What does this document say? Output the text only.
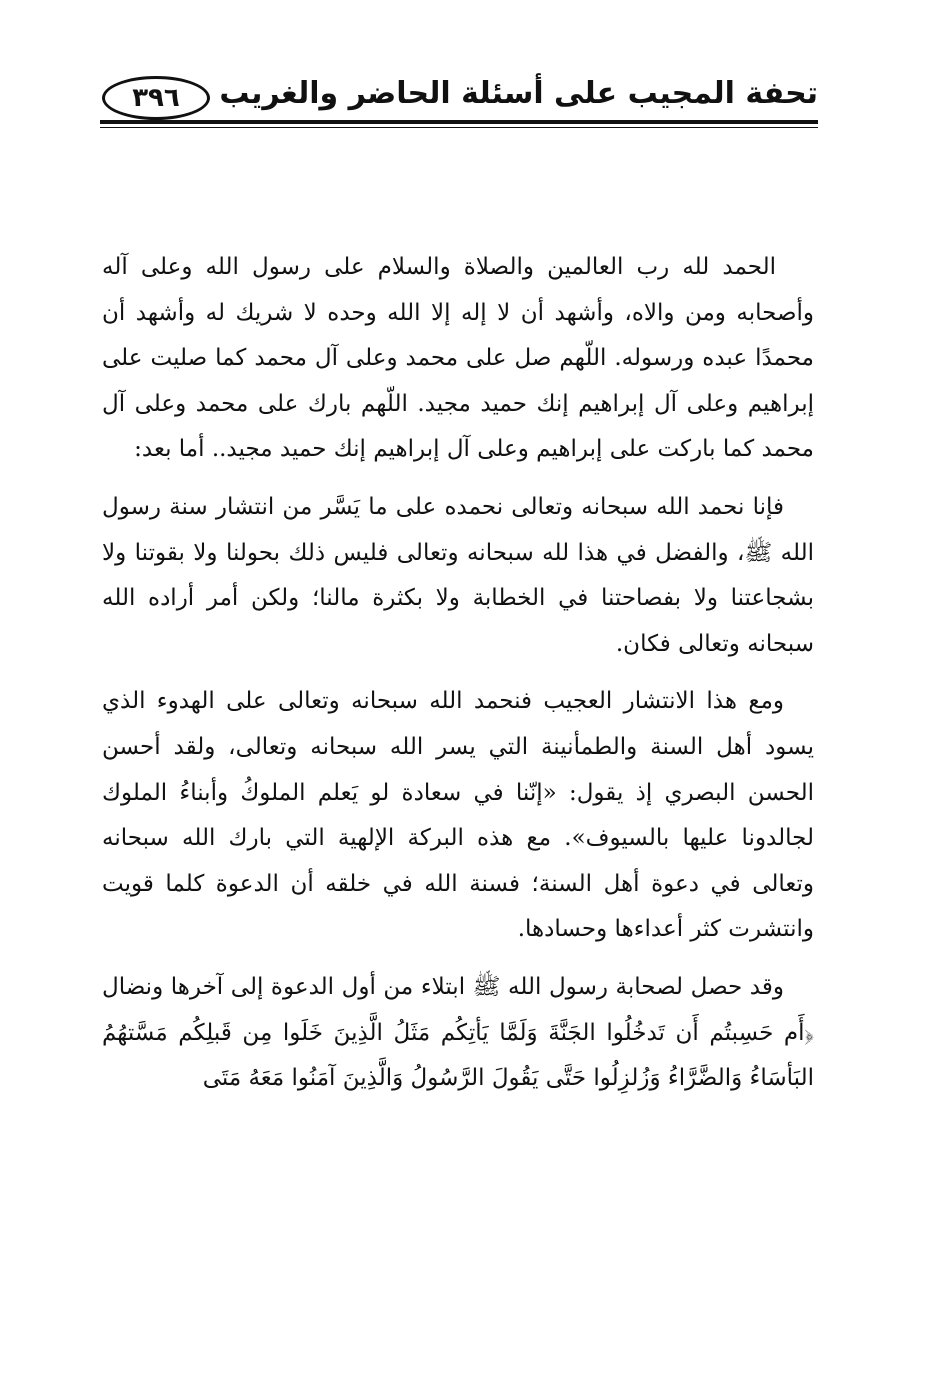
تحفة المجيب على أسئلة الحاضر والغريب
٣٩٦

الحمد لله رب العالمين والصلاة والسلام على رسول الله وعلى آله وأصحابه ومن والاه، وأشهد أن لا إله إلا الله وحده لا شريك له وأشهد أن محمدًا عبده ورسوله. اللّهم صل على محمد وعلى آل محمد كما صليت على إبراهيم وعلى آل إبراهيم إنك حميد مجيد. اللّهم بارك على محمد وعلى آل محمد كما باركت على إبراهيم وعلى آل إبراهيم إنك حميد مجيد.. أما بعد:

فإنا نحمد الله سبحانه وتعالى نحمده على ما يَسَّر من انتشار سنة رسول الله ﷺ، والفضل في هذا لله سبحانه وتعالى فليس ذلك بحولنا ولا بقوتنا ولا بشجاعتنا ولا بفصاحتنا في الخطابة ولا بكثرة مالنا؛ ولكن أمر أراده الله سبحانه وتعالى فكان.

ومع هذا الانتشار العجيب فنحمد الله سبحانه وتعالى على الهدوء الذي يسود أهل السنة والطمأنينة التي يسر الله سبحانه وتعالى، ولقد أحسن الحسن البصري إذ يقول: «إنّنا في سعادة لو يَعلم الملوكُ وأبناءُ الملوك لجالدونا عليها بالسيوف». مع هذه البركة الإلهية التي بارك الله سبحانه وتعالى في دعوة أهل السنة؛ فسنة الله في خلقه أن الدعوة كلما قويت وانتشرت كثر أعداءها وحسادها.

وقد حصل لصحابة رسول الله ﷺ ابتلاء من أول الدعوة إلى آخرها ونضال ﴿أَم حَسِبتُم أَن تَدخُلُوا الجَنَّةَ وَلَمَّا يَأتِكُم مَثَلُ الَّذِينَ خَلَوا مِن قَبلِكُم مَسَّتهُمُ البَأسَاءُ وَالضَّرَّاءُ وَزُلزِلُوا حَتَّى يَقُولَ الرَّسُولُ وَالَّذِينَ آمَنُوا مَعَهُ مَتَى
